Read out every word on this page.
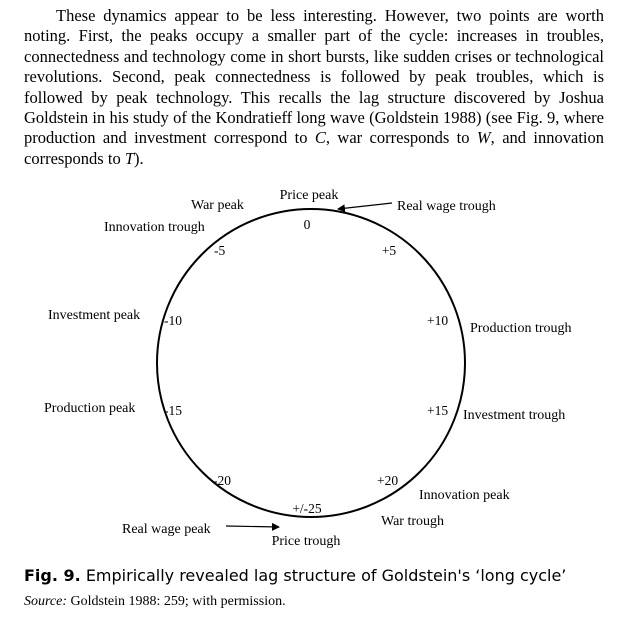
These dynamics appear to be less interesting. However, two points are worth noting. First, the peaks occupy a smaller part of the cycle: increases in troubles, connectedness and technology come in short bursts, like sudden crises or technological revolutions. Second, peak connectedness is followed by peak troubles, which is followed by peak technology. This recalls the lag structure discovered by Joshua Goldstein in his study of the Kondratieff long wave (Goldstein 1988) (see Fig. 9, where production and investment correspond to C, war corresponds to W, and innovation corresponds to T).

0
+5
+10
+15
+20
+/-25
-20
-15
-10
-5
Price peak
Real wage trough
War peak
Innovation trough
Production trough
Investment trough
Innovation peak
War trough
Price trough
Real wage peak
Production peak
Investment peak

Fig. 9. Empirically revealed lag structure of Goldstein's ‘long cycle’

Source: Goldstein 1988: 259; with permission.
